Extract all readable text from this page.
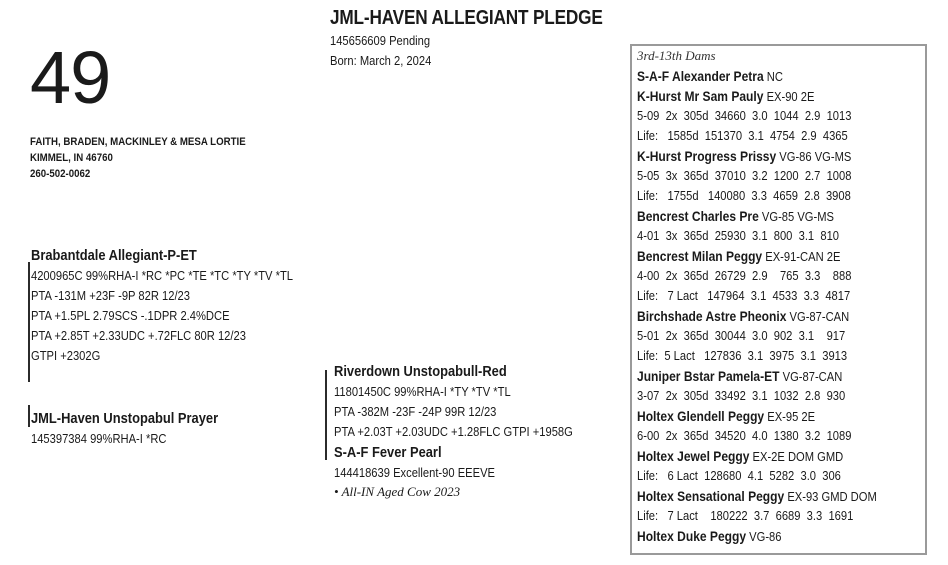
49
JML-HAVEN ALLEGIANT PLEDGE
145656609 Pending
Born: March 2, 2024
FAITH, BRADEN, MACKINLEY & MESA LORTIE
KIMMEL, IN 46760
260-502-0062
Brabantdale Allegiant-P-ET
4200965C 99%RHA-I *RC *PC *TE *TC *TY *TV *TL
PTA -131M +23F -9P 82R 12/23
PTA +1.5PL 2.79SCS -.1DPR 2.4%DCE
PTA +2.85T +2.33UDC +.72FLC 80R 12/23
GTPI +2302G
JML-Haven Unstopabul Prayer
145397384 99%RHA-I *RC
Riverdown Unstopabull-Red
11801450C 99%RHA-I *TY *TV *TL
PTA -382M -23F -24P 99R 12/23
PTA +2.03T +2.03UDC +1.28FLC GTPI +1958G
S-A-F Fever Pearl
144418639 Excellent-90 EEEVE
• All-IN Aged Cow 2023
3rd-13th Dams
S-A-F Alexander Petra NC
K-Hurst Mr Sam Pauly EX-90 2E
5-09  2x  305d  34660  3.0  1044  2.9  1013
Life:   1585d  151370  3.1  4754  2.9  4365
K-Hurst Progress Prissy VG-86 VG-MS
5-05  3x  365d  37010  3.2  1200  2.7  1008
Life:   1755d   140080  3.3  4659  2.8  3908
Bencrest Charles Pre VG-85 VG-MS
4-01  3x  365d  25930  3.1  800  3.1  810
Bencrest Milan Peggy EX-91-CAN 2E
4-00  2x  365d  26729  2.9    765  3.3    888
Life:   7 Lact   147964  3.1  4533  3.3  4817
Birchshade Astre Pheonix VG-87-CAN
5-01  2x  365d  30044  3.0  902  3.1    917
Life:  5 Lact   127836  3.1  3975  3.1  3913
Juniper Bstar Pamela-ET VG-87-CAN
3-07  2x  305d  33492  3.1  1032  2.8  930
Holtex Glendell Peggy EX-95 2E
6-00  2x  365d  34520  4.0  1380  3.2  1089
Holtex Jewel Peggy EX-2E DOM GMD
Life:   6 Lact  128680  4.1  5282  3.0  306
Holtex Sensational Peggy EX-93 GMD DOM
Life:   7 Lact    180222  3.7  6689  3.3  1691
Holtex Duke Peggy VG-86
